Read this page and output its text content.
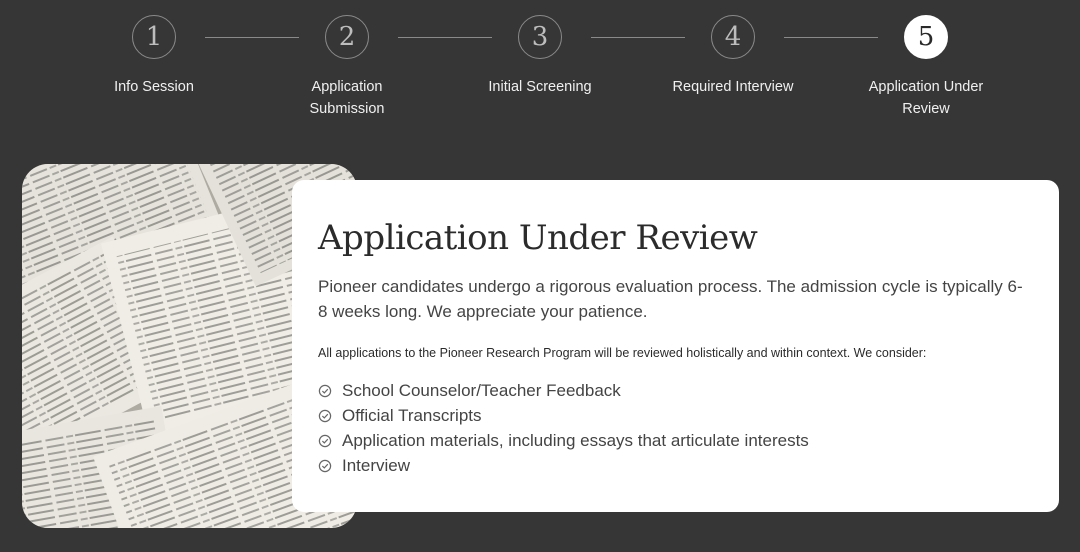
1
Info Session
2
Application Submission
3
Initial Screening
4
Required Interview
5
Application Under Review
Application Under Review

Pioneer candidates undergo a rigorous evaluation process. The admission cycle is typically 6-8 weeks long. We appreciate your patience.

All applications to the Pioneer Research Program will be reviewed holistically and within context. We consider:

School Counselor/Teacher Feedback
Official Transcripts
Application materials, including essays that articulate interests
Interview
